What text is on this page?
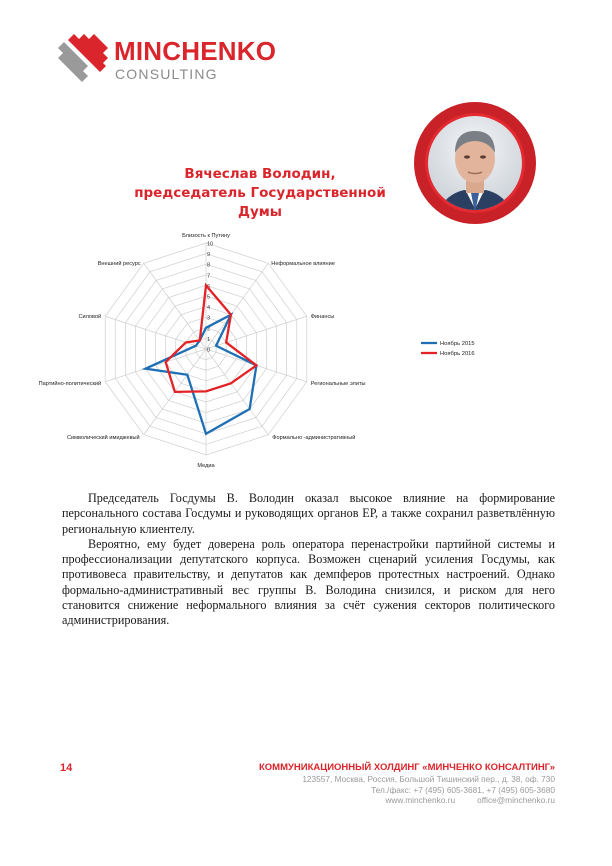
MINCHENKO
CONSULTING
Вячеслав Володин,
председатель Государственной Думы
0
1
2
3
4
5
6
7
8
9
10
Близость к Путину
Неформальное влияние
Финансы
Региональные элиты
Формально -административный
Медиа
Символический имиджевый
Партийно-политический
Силовой
Внешний ресурс
Ноябрь 2015
Ноябрь 2016

Председатель Госдумы В. Володин оказал высокое влияние на формирование персонального состава Госдумы и руководящих органов ЕР, а также сохранил разветвлённую региональную клиентелу.

Вероятно, ему будет доверена роль оператора перенастройки партийной системы и профессионализации депутатского корпуса. Возможен сценарий усиления Госдумы, как противовеса правительству, и депутатов как демпферов протестных настроений. Однако формально-административный вес группы В. Володина снизился, и риском для него становится снижение неформального влияния за счёт сужения секторов политического администрирования.

14	КОММУНИКАЦИОННЫЙ ХОЛДИНГ «МИНЧЕНКО КОНСАЛТИНГ»
123557, Москва, Россия, Большой Тишинский пер., д. 38, оф. 730
Тел./факс: +7 (495) 605-3681, +7 (495) 605-3680
www.minchenko.ru	office@minchenko.ru
